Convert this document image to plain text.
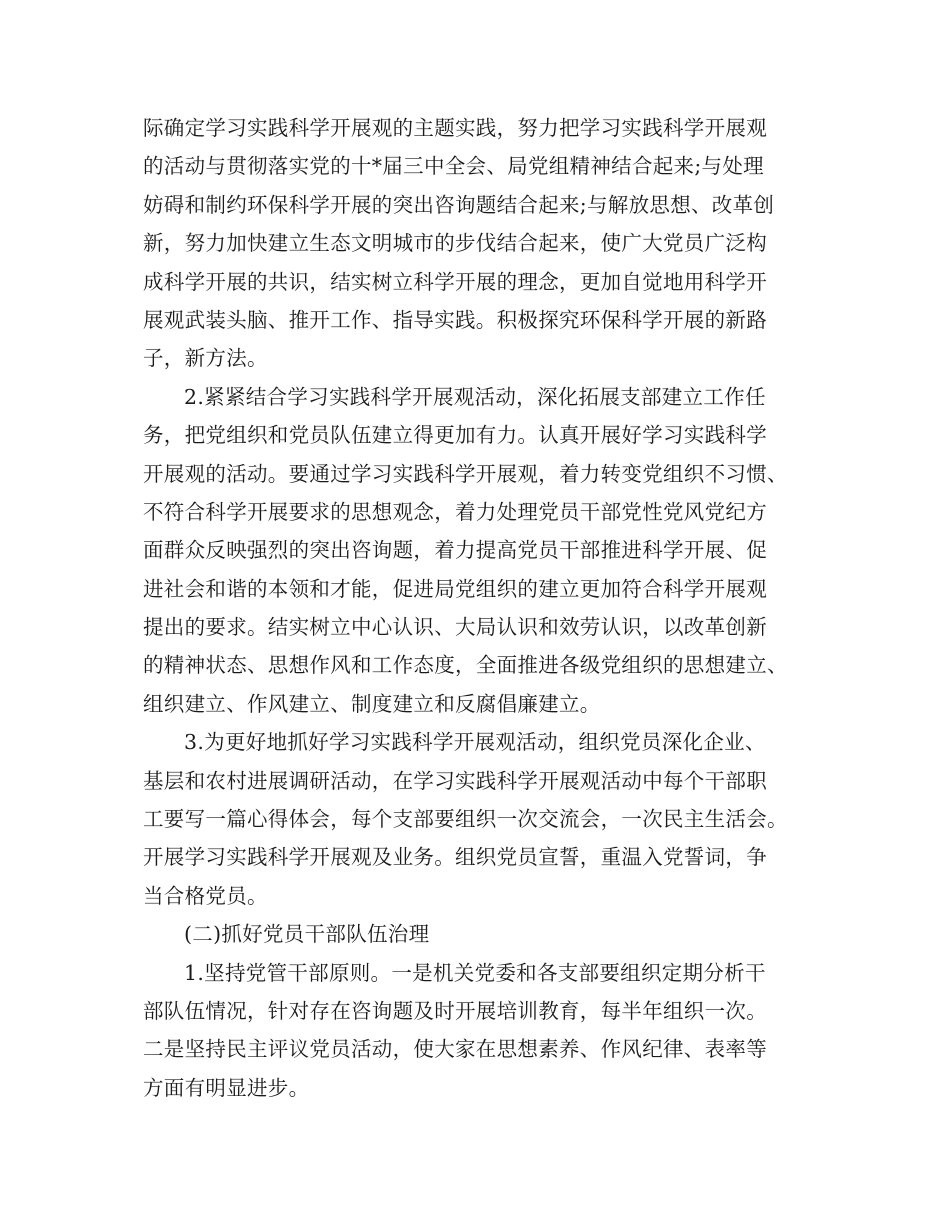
际确定学习实践科学开展观的主题实践，努力把学习实践科学开展观
的活动与贯彻落实党的十*届三中全会、局党组精神结合起来;与处理
妨碍和制约环保科学开展的突出咨询题结合起来;与解放思想、改革创
新，努力加快建立生态文明城市的步伐结合起来，使广大党员广泛构
成科学开展的共识，结实树立科学开展的理念，更加自觉地用科学开
展观武装头脑、推开工作、指导实践。积极探究环保科学开展的新路
子，新方法。
2.紧紧结合学习实践科学开展观活动，深化拓展支部建立工作任
务，把党组织和党员队伍建立得更加有力。认真开展好学习实践科学
开展观的活动。要通过学习实践科学开展观，着力转变党组织不习惯、
不符合科学开展要求的思想观念，着力处理党员干部党性党风党纪方
面群众反映强烈的突出咨询题，着力提高党员干部推进科学开展、促
进社会和谐的本领和才能，促进局党组织的建立更加符合科学开展观
提出的要求。结实树立中心认识、大局认识和效劳认识，以改革创新
的精神状态、思想作风和工作态度，全面推进各级党组织的思想建立、
组织建立、作风建立、制度建立和反腐倡廉建立。
3.为更好地抓好学习实践科学开展观活动，组织党员深化企业、
基层和农村进展调研活动，在学习实践科学开展观活动中每个干部职
工要写一篇心得体会，每个支部要组织一次交流会，一次民主生活会。
开展学习实践科学开展观及业务。组织党员宣誓，重温入党誓词，争
当合格党员。
(二)抓好党员干部队伍治理
1.坚持党管干部原则。一是机关党委和各支部要组织定期分析干
部队伍情况，针对存在咨询题及时开展培训教育，每半年组织一次。
二是坚持民主评议党员活动，使大家在思想素养、作风纪律、表率等
方面有明显进步。
